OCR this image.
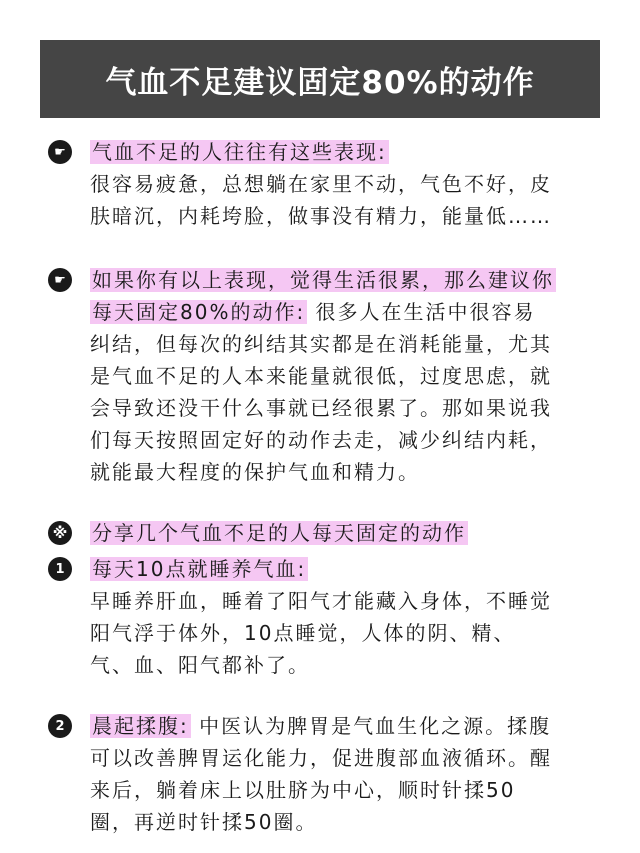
气血不足建议固定80%的动作
☛	气血不足的人往往有这些表现:
很容易疲惫，总想躺在家里不动，气色不好，皮
肤暗沉，内耗垮脸，做事没有精力，能量低……
☛	如果你有以上表现，觉得生活很累，那么建议你
每天固定80%的动作: 很多人在生活中很容易
纠结，但每次的纠结其实都是在消耗能量，尤其
是气血不足的人本来能量就很低，过度思虑，就
会导致还没干什么事就已经很累了。那如果说我
们每天按照固定好的动作去走，减少纠结内耗，
就能最大程度的保护气血和精力。
※ 分享几个气血不足的人每天固定的动作
1	每天10点就睡养气血:
早睡养肝血，睡着了阳气才能藏入身体，不睡觉
阳气浮于体外，10点睡觉，人体的阴、精、
气、血、阳气都补了。
2	晨起揉腹: 中医认为脾胃是气血生化之源。揉腹
可以改善脾胃运化能力，促进腹部血液循环。醒
来后，躺着床上以肚脐为中心，顺时针揉50
圈，再逆时针揉50圈。
